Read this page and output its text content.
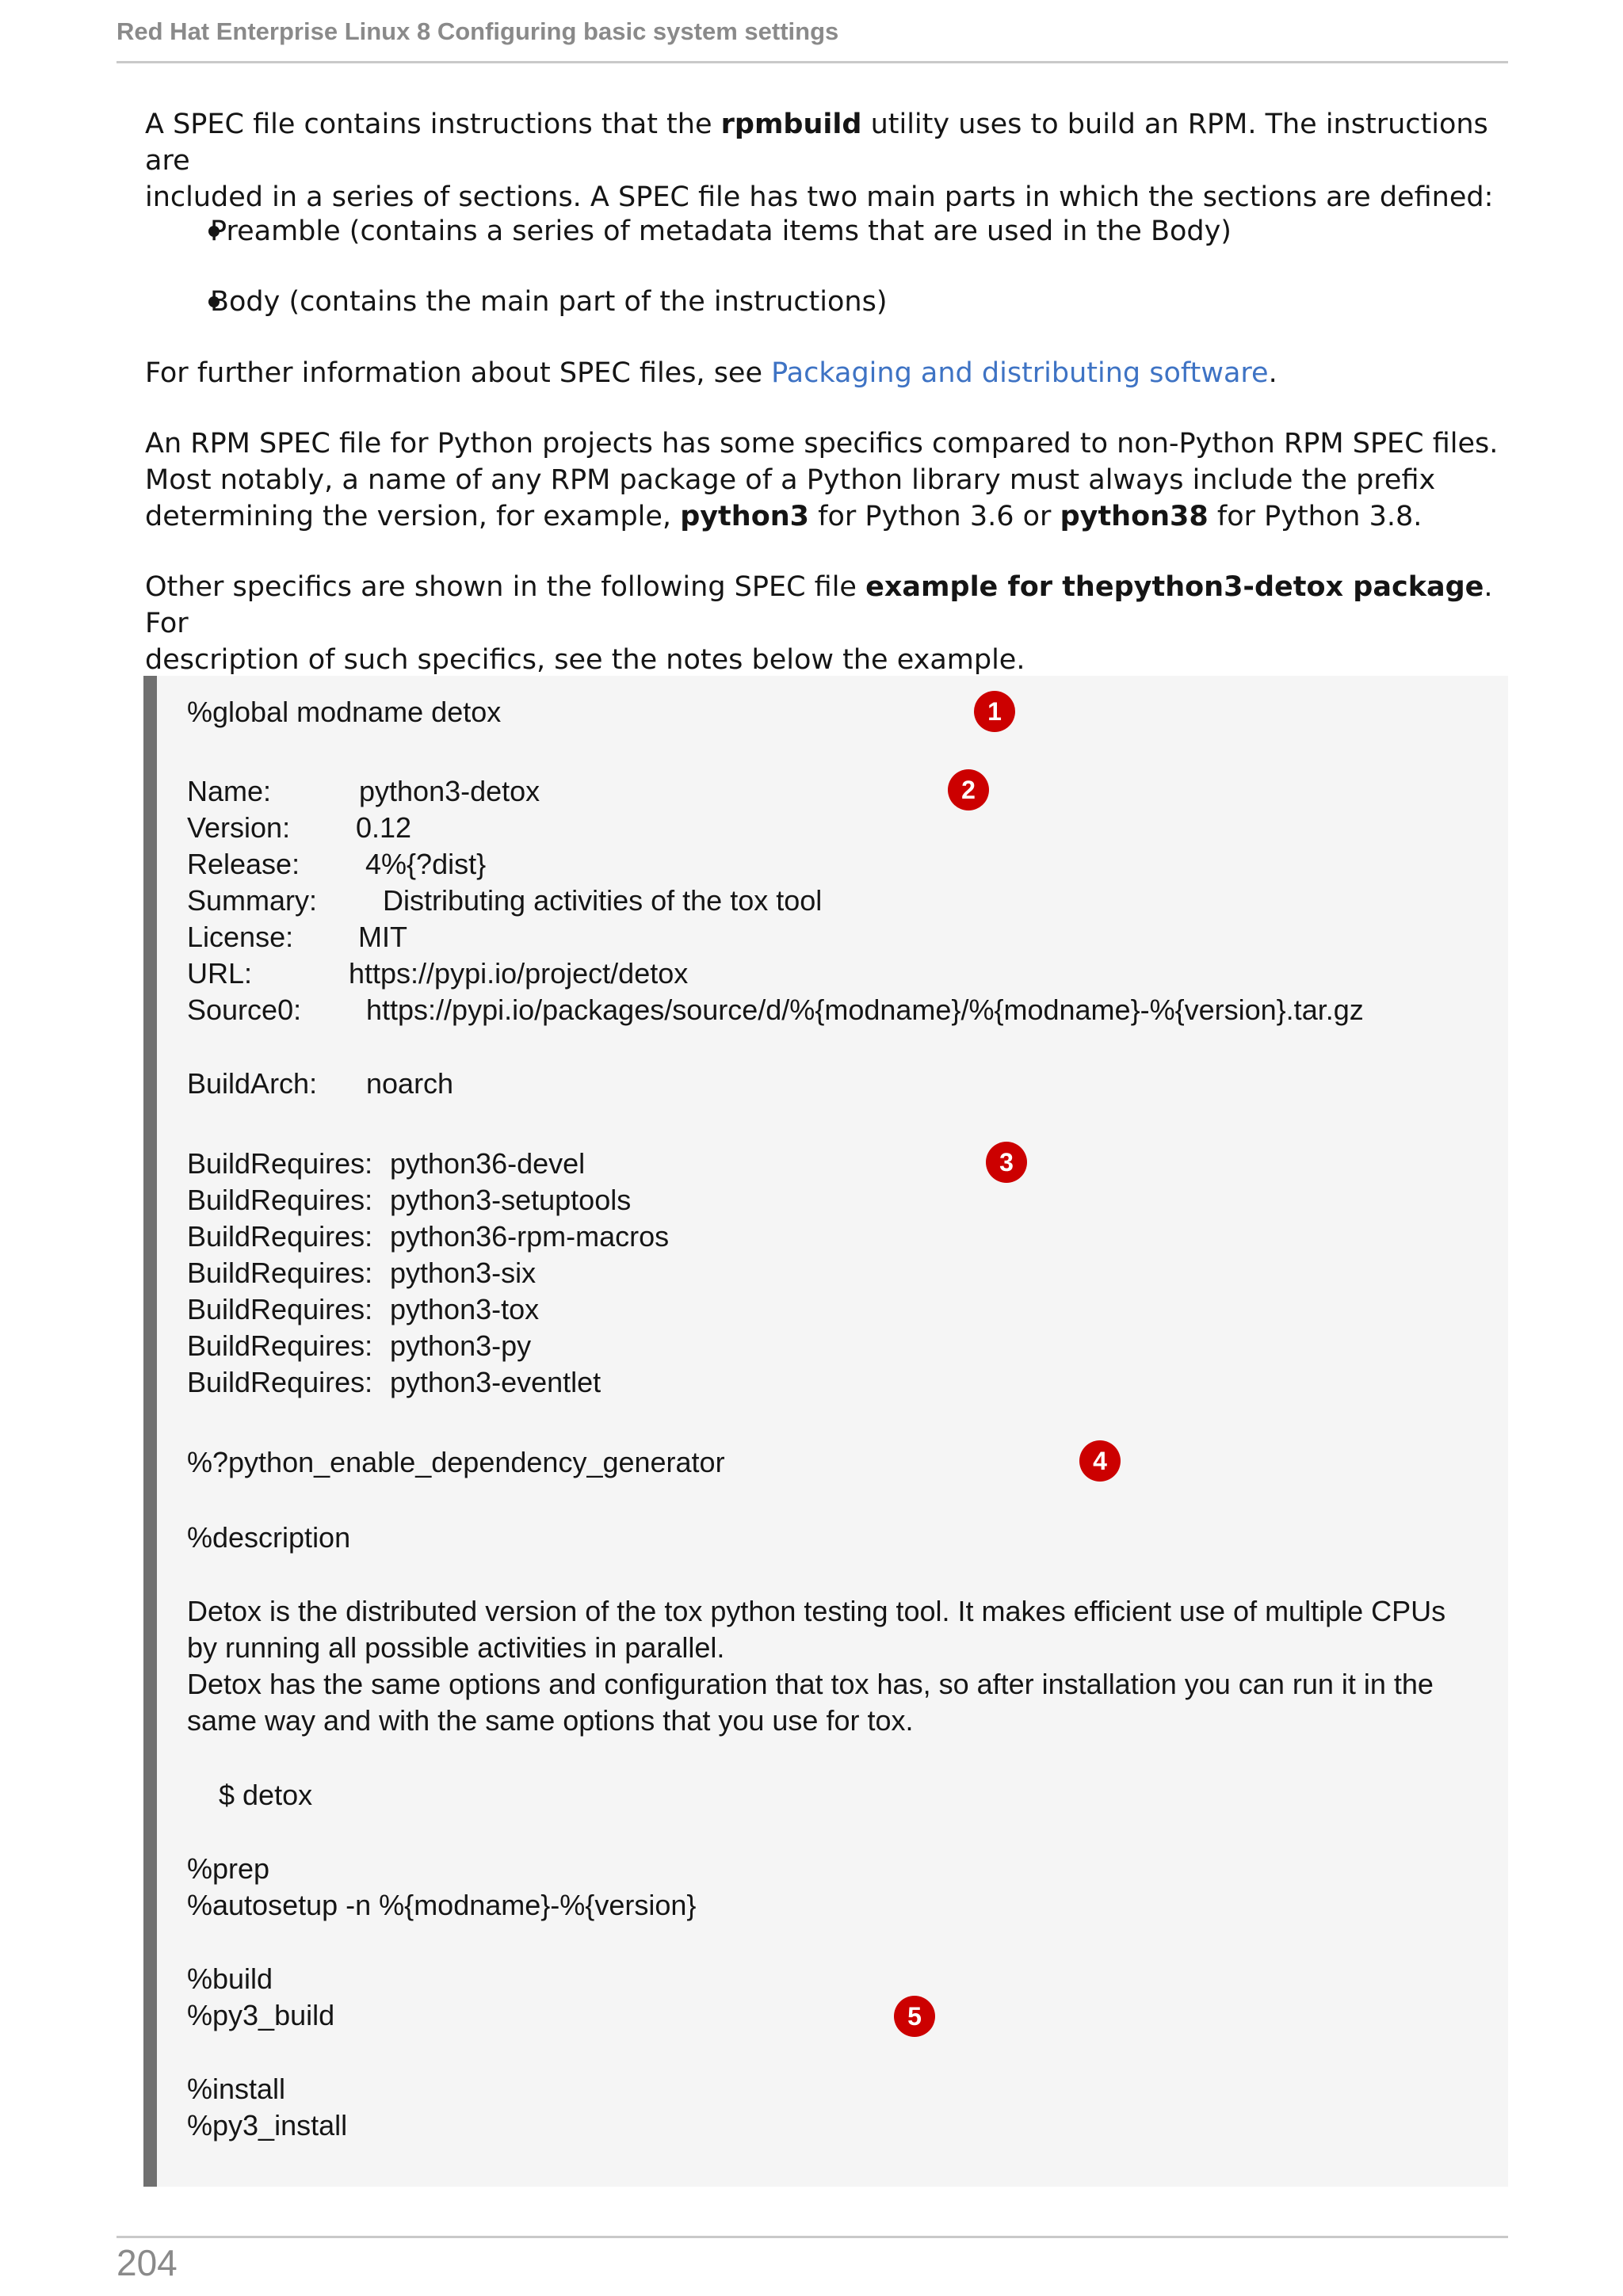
Red Hat Enterprise Linux 8 Configuring basic system settings
A SPEC file contains instructions that the rpmbuild utility uses to build an RPM. The instructions are
included in a series of sections. A SPEC file has two main parts in which the sections are defined:
Preamble (contains a series of metadata items that are used in the Body)
Body (contains the main part of the instructions)
For further information about SPEC files, see Packaging and distributing software.
An RPM SPEC file for Python projects has some specifics compared to non-Python RPM SPEC files.
Most notably, a name of any RPM package of a Python library must always include the prefix
determining the version, for example, python3 for Python 3.6 or python38 for Python 3.8.
Other specifics are shown in the following SPEC file example for thepython3-detox package. For
description of such specifics, see the notes below the example.
%global modname detox
Name:	python3-detox
Version: 0.12
Release: 4%{?dist}
Summary: Distributing activities of the tox tool
License: MIT
URL:	https://pypi.io/project/detox
Source0: https://pypi.io/packages/source/d/%{modname}/%{modname}-%{version}.tar.gz
BuildArch: noarch
BuildRequires: python36-devel
BuildRequires: python3-setuptools
BuildRequires: python36-rpm-macros
BuildRequires: python3-six
BuildRequires: python3-tox
BuildRequires: python3-py
BuildRequires: python3-eventlet
%?python_enable_dependency_generator
%description
Detox is the distributed version of the tox python testing tool. It makes efficient use of multiple CPUs
by running all possible activities in parallel.
Detox has the same options and configuration that tox has, so after installation you can run it in the
same way and with the same options that you use for tox.
$ detox
%prep
%autosetup -n %{modname}-%{version}
%build
%py3_build
%install
%py3_install
1
2
3
4
5
204
